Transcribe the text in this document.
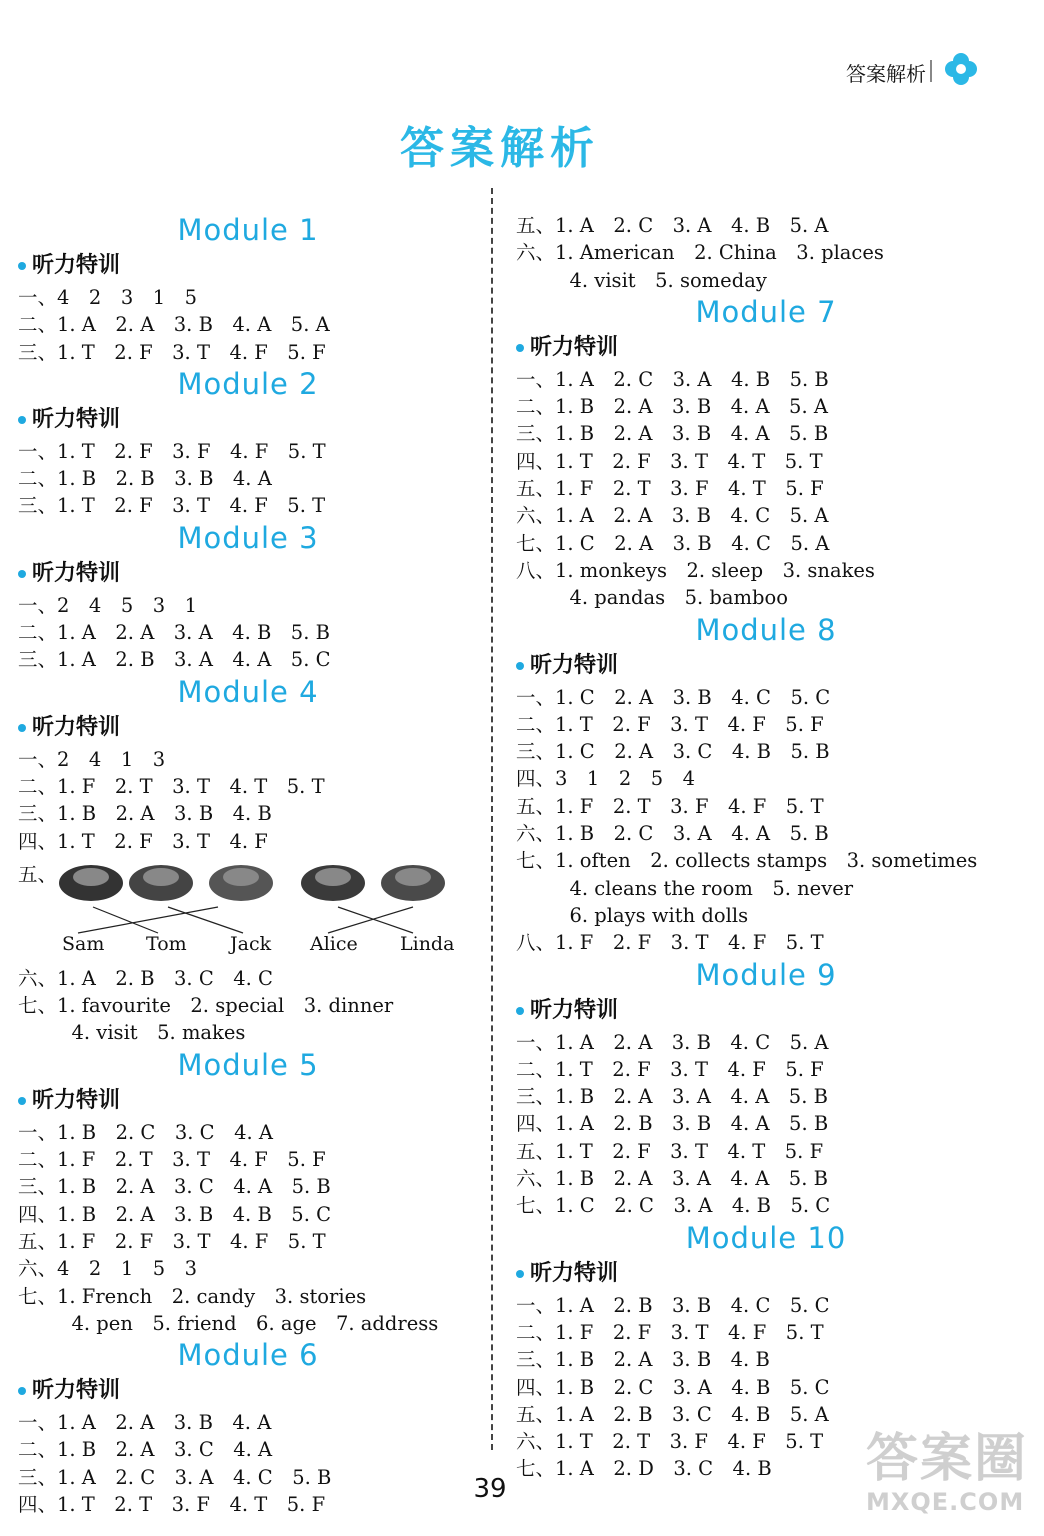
答案解析
答案解析
Module 1
听力特训
一、4　2　3　1　5
二、1. A　2. A　3. B　4. A　5. A
三、1. T　2. F　3. T　4. F　5. F
Module 2
听力特训
一、1. T　2. F　3. F　4. F　5. T
二、1. B　2. B　3. B　4. A
三、1. T　2. F　3. T　4. F　5. T
Module 3
听力特训
一、2　4　5　3　1
二、1. A　2. A　3. A　4. B　5. B
三、1. A　2. B　3. A　4. A　5. C
Module 4
听力特训
一、2　4　1　3
二、1. F　2. T　3. T　4. T　5. T
三、1. B　2. A　3. B　4. B
四、1. T　2. F　3. T　4. F
五、
Sam Tom Jack Alice Linda
六、1. A　2. B　3. C　4. C
七、1. favourite　2. special　3. dinner
　4. visit　5. makes
Module 5
听力特训
一、1. B　2. C　3. C　4. A
二、1. F　2. T　3. T　4. F　5. F
三、1. B　2. A　3. C　4. A　5. B
四、1. B　2. A　3. B　4. B　5. C
五、1. F　2. F　3. T　4. F　5. T
六、4　2　1　5　3
七、1. French　2. candy　3. stories
　4. pen　5. friend　6. age　7. address
Module 6
听力特训
一、1. A　2. A　3. B　4. A
二、1. B　2. A　3. C　4. A
三、1. A　2. C　3. A　4. C　5. B
四、1. T　2. T　3. F　4. T　5. F
五、1. A　2. C　3. A　4. B　5. A
六、1. American　2. China　3. places
　4. visit　5. someday
Module 7
听力特训
一、1. A　2. C　3. A　4. B　5. B
二、1. B　2. A　3. B　4. A　5. A
三、1. B　2. A　3. B　4. A　5. B
四、1. T　2. F　3. T　4. T　5. T
五、1. F　2. T　3. F　4. T　5. F
六、1. A　2. A　3. B　4. C　5. A
七、1. C　2. A　3. B　4. C　5. A
八、1. monkeys　2. sleep　3. snakes
　4. pandas　5. bamboo
Module 8
听力特训
一、1. C　2. A　3. B　4. C　5. C
二、1. T　2. F　3. T　4. F　5. F
三、1. C　2. A　3. C　4. B　5. B
四、3　1　2　5　4
五、1. F　2. T　3. F　4. F　5. T
六、1. B　2. C　3. A　4. A　5. B
七、1. often　2. collects stamps　3. sometimes
　4. cleans the room　5. never
　6. plays with dolls
八、1. F　2. F　3. T　4. F　5. T
Module 9
听力特训
一、1. A　2. A　3. B　4. C　5. A
二、1. T　2. F　3. T　4. F　5. F
三、1. B　2. A　3. A　4. A　5. B
四、1. A　2. B　3. B　4. A　5. B
五、1. T　2. F　3. T　4. T　5. F
六、1. B　2. A　3. A　4. A　5. B
七、1. C　2. C　3. A　4. B　5. C
Module 10
听力特训
一、1. A　2. B　3. B　4. C　5. C
二、1. F　2. F　3. T　4. F　5. T
三、1. B　2. A　3. B　4. B
四、1. B　2. C　3. A　4. B　5. C
五、1. A　2. B　3. C　4. B　5. A
六、1. T　2. T　3. F　4. F　5. T
七、1. A　2. D　3. C　4. B
39	答案圈
MXQE.COM
